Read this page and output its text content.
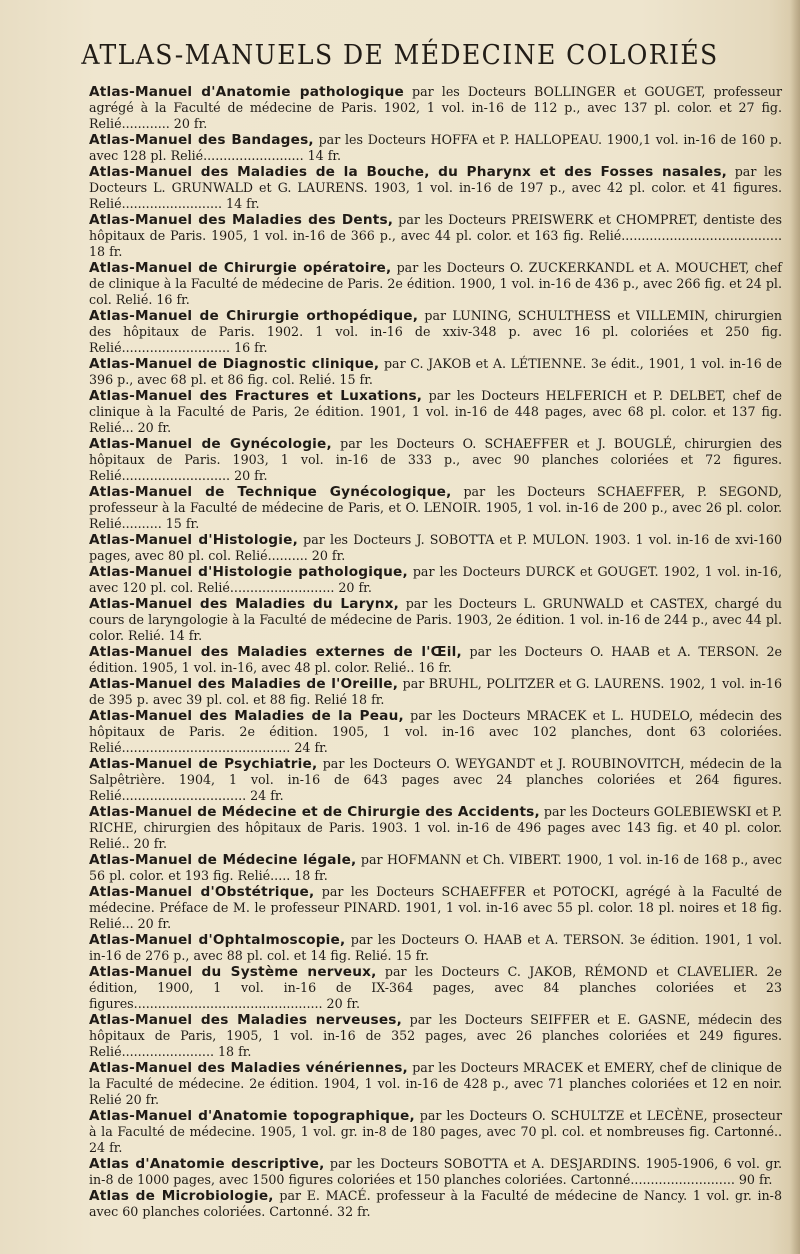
ATLAS-MANUELS DE MÉDECINE COLORIÉS

Atlas-Manuel d'Anatomie pathologique par les Docteurs BOLLINGER et GOUGET, professeur agrégé à la Faculté de médecine de Paris. 1902, 1 vol. in-16 de 112 p., avec 137 pl. color. et 27 fig. Relié............ 20 fr.

Atlas-Manuel des Bandages, par les Docteurs HOFFA et P. HALLOPEAU. 1900,1 vol. in-16 de 160 p. avec 128 pl. Relié......................... 14 fr.

Atlas-Manuel des Maladies de la Bouche, du Pharynx et des Fosses nasales, par les Docteurs L. GRUNWALD et G. LAURENS. 1903, 1 vol. in-16 de 197 p., avec 42 pl. color. et 41 figures. Relié......................... 14 fr.

Atlas-Manuel des Maladies des Dents, par les Docteurs PREISWERK et CHOMPRET, dentiste des hôpitaux de Paris. 1905, 1 vol. in-16 de 366 p., avec 44 pl. color. et 163 fig. Relié........................................ 18 fr.

Atlas-Manuel de Chirurgie opératoire, par les Docteurs O. ZUCKERKANDL et A. MOUCHET, chef de clinique à la Faculté de médecine de Paris. 2e édition. 1900, 1 vol. in-16 de 436 p., avec 266 fig. et 24 pl. col. Relié. 16 fr.

Atlas-Manuel de Chirurgie orthopédique, par LUNING, SCHULTHESS et VILLEMIN, chirurgien des hôpitaux de Paris. 1902. 1 vol. in-16 de xxiv-348 p. avec 16 pl. coloriées et 250 fig. Relié........................... 16 fr.

Atlas-Manuel de Diagnostic clinique, par C. JAKOB et A. LÉTIENNE. 3e édit., 1901, 1 vol. in-16 de 396 p., avec 68 pl. et 86 fig. col. Relié. 15 fr.

Atlas-Manuel des Fractures et Luxations, par les Docteurs HELFERICH et P. DELBET, chef de clinique à la Faculté de Paris, 2e édition. 1901, 1 vol. in-16 de 448 pages, avec 68 pl. color. et 137 fig. Relié... 20 fr.

Atlas-Manuel de Gynécologie, par les Docteurs O. SCHAEFFER et J. BOUGLÉ, chirurgien des hôpitaux de Paris. 1903, 1 vol. in-16 de 333 p., avec 90 planches coloriées et 72 figures. Relié........................... 20 fr.

Atlas-Manuel de Technique Gynécologique, par les Docteurs SCHAEFFER, P. SEGOND, professeur à la Faculté de médecine de Paris, et O. LENOIR. 1905, 1 vol. in-16 de 200 p., avec 26 pl. color. Relié.......... 15 fr.

Atlas-Manuel d'Histologie, par les Docteurs J. SOBOTTA et P. MULON. 1903. 1 vol. in-16 de xvi-160 pages, avec 80 pl. col. Relié.......... 20 fr.

Atlas-Manuel d'Histologie pathologique, par les Docteurs DURCK et GOUGET. 1902, 1 vol. in-16, avec 120 pl. col. Relié.......................... 20 fr.

Atlas-Manuel des Maladies du Larynx, par les Docteurs L. GRUNWALD et CASTEX, chargé du cours de laryngologie à la Faculté de médecine de Paris. 1903, 2e édition. 1 vol. in-16 de 244 p., avec 44 pl. color. Relié. 14 fr.

Atlas-Manuel des Maladies externes de l'Œil, par les Docteurs O. HAAB et A. TERSON. 2e édition. 1905, 1 vol. in-16, avec 48 pl. color. Relié.. 16 fr.

Atlas-Manuel des Maladies de l'Oreille, par BRUHL, POLITZER et G. LAURENS. 1902, 1 vol. in-16 de 395 p. avec 39 pl. col. et 88 fig. Relié 18 fr.

Atlas-Manuel des Maladies de la Peau, par les Docteurs MRACEK et L. HUDELO, médecin des hôpitaux de Paris. 2e édition. 1905, 1 vol. in-16 avec 102 planches, dont 63 coloriées. Relié.......................................... 24 fr.

Atlas-Manuel de Psychiatrie, par les Docteurs O. WEYGANDT et J. ROUBINOVITCH, médecin de la Salpêtrière. 1904, 1 vol. in-16 de 643 pages avec 24 planches coloriées et 264 figures. Relié............................... 24 fr.

Atlas-Manuel de Médecine et de Chirurgie des Accidents, par les Docteurs GOLEBIEWSKI et P. RICHE, chirurgien des hôpitaux de Paris. 1903. 1 vol. in-16 de 496 pages avec 143 fig. et 40 pl. color. Relié.. 20 fr.

Atlas-Manuel de Médecine légale, par HOFMANN et Ch. VIBERT. 1900, 1 vol. in-16 de 168 p., avec 56 pl. color. et 193 fig. Relié..... 18 fr.

Atlas-Manuel d'Obstétrique, par les Docteurs SCHAEFFER et POTOCKI, agrégé à la Faculté de médecine. Préface de M. le professeur PINARD. 1901, 1 vol. in-16 avec 55 pl. color. 18 pl. noires et 18 fig. Relié... 20 fr.

Atlas-Manuel d'Ophtalmoscopie, par les Docteurs O. HAAB et A. TERSON. 3e édition. 1901, 1 vol. in-16 de 276 p., avec 88 pl. col. et 14 fig. Relié. 15 fr.

Atlas-Manuel du Système nerveux, par les Docteurs C. JAKOB, RÉMOND et CLAVELIER. 2e édition, 1900, 1 vol. in-16 de IX-364 pages, avec 84 planches coloriées et 23 figures............................................... 20 fr.

Atlas-Manuel des Maladies nerveuses, par les Docteurs SEIFFER et E. GASNE, médecin des hôpitaux de Paris, 1905, 1 vol. in-16 de 352 pages, avec 26 planches coloriées et 249 figures. Relié....................... 18 fr.

Atlas-Manuel des Maladies vénériennes, par les Docteurs MRACEK et EMERY, chef de clinique de la Faculté de médecine. 2e édition. 1904, 1 vol. in-16 de 428 p., avec 71 planches coloriées et 12 en noir. Relié 20 fr.

Atlas-Manuel d'Anatomie topographique, par les Docteurs O. SCHULTZE et LECÈNE, prosecteur à la Faculté de médecine. 1905, 1 vol. gr. in-8 de 180 pages, avec 70 pl. col. et nombreuses fig. Cartonné.. 24 fr.

Atlas d'Anatomie descriptive, par les Docteurs SOBOTTA et A. DESJARDINS. 1905-1906, 6 vol. gr. in-8 de 1000 pages, avec 1500 figures coloriées et 150 planches coloriées. Cartonné.......................... 90 fr.

Atlas de Microbiologie, par E. MACÉ. professeur à la Faculté de médecine de Nancy. 1 vol. gr. in-8 avec 60 planches coloriées. Cartonné. 32 fr.
